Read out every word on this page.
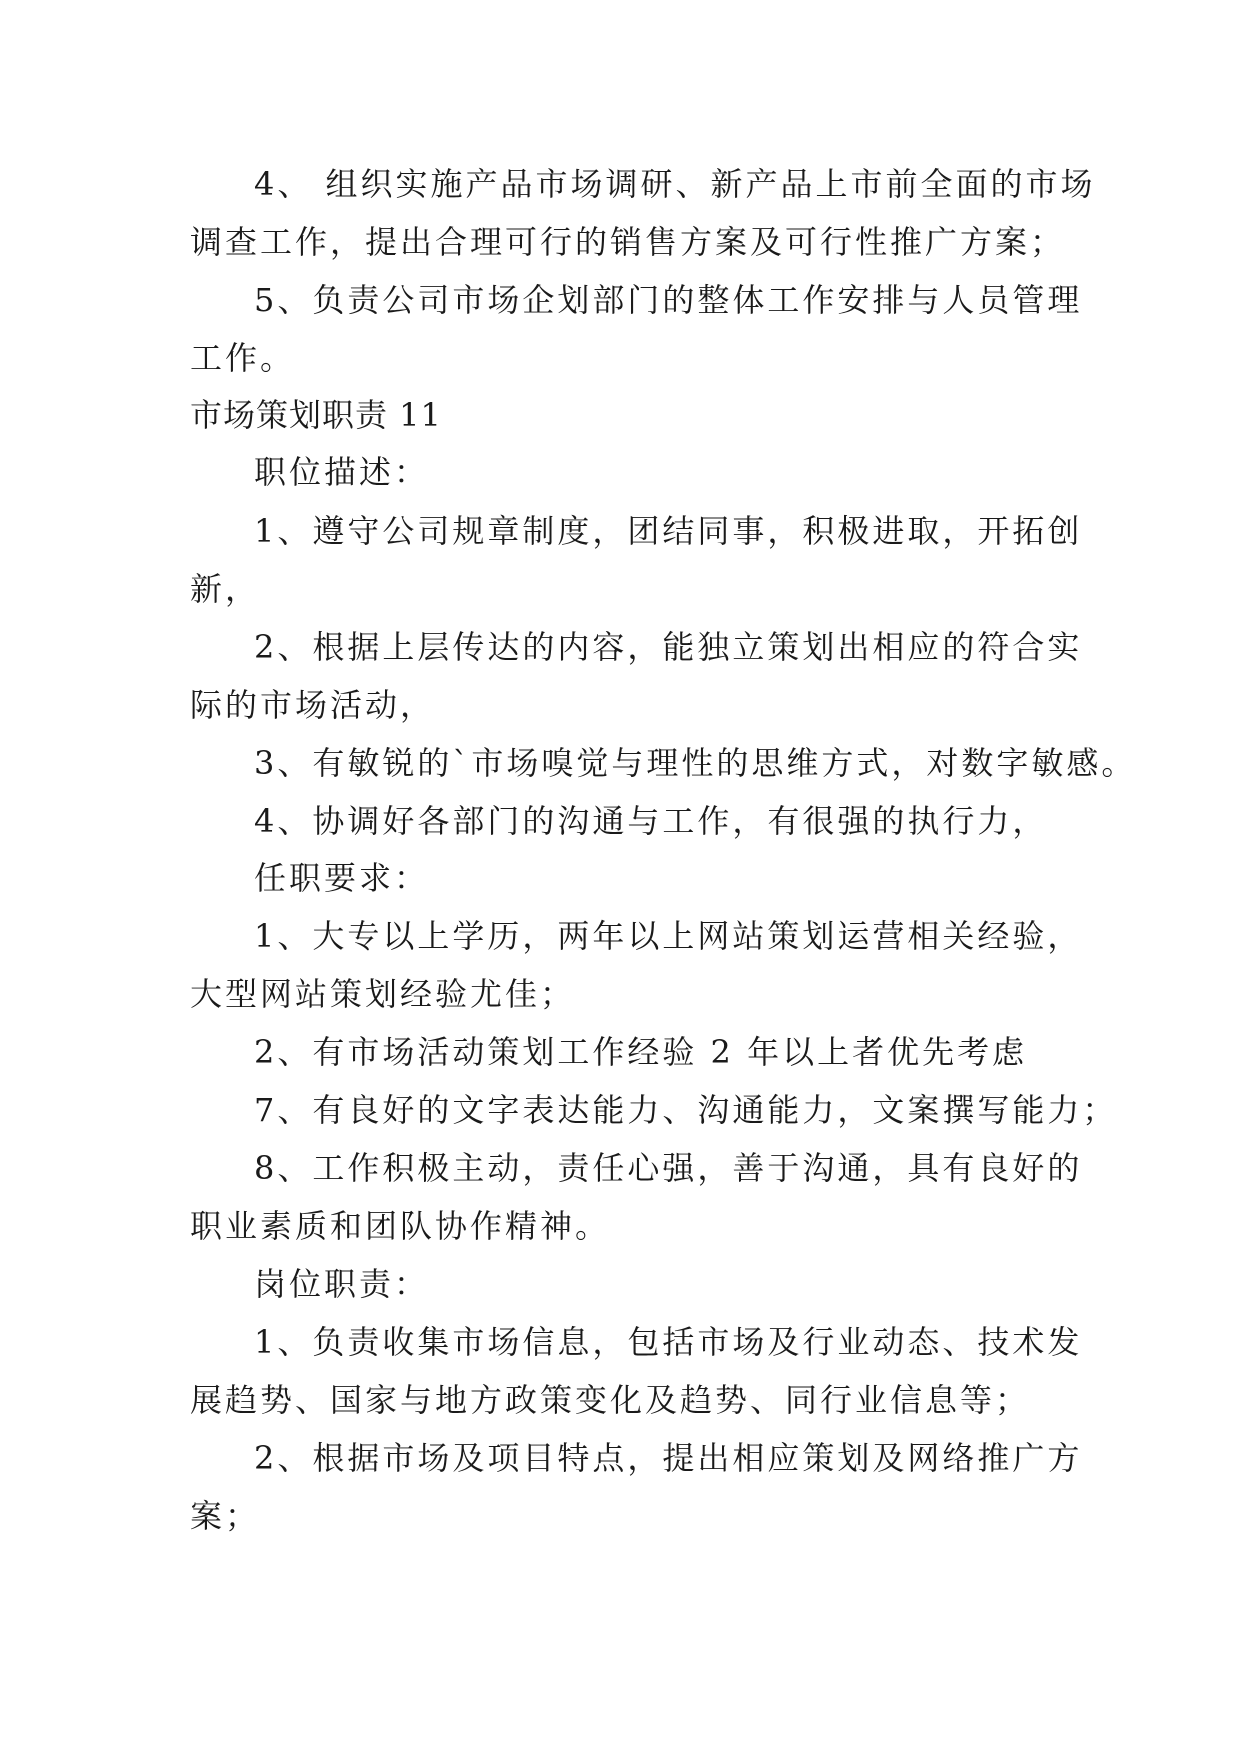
4、 组织实施产品市场调研、新产品上市前全面的市场
调查工作，提出合理可行的销售方案及可行性推广方案；
5、负责公司市场企划部门的整体工作安排与人员管理
工作。
市场策划职责 11
职位描述：
1、遵守公司规章制度，团结同事，积极进取，开拓创
新，
2、根据上层传达的内容，能独立策划出相应的符合实
际的市场活动，
3、有敏锐的`市场嗅觉与理性的思维方式，对数字敏感。
4、协调好各部门的沟通与工作，有很强的执行力，
任职要求：
1、大专以上学历，两年以上网站策划运营相关经验，
大型网站策划经验尤佳；
2、有市场活动策划工作经验 2 年以上者优先考虑
7、有良好的文字表达能力、沟通能力，文案撰写能力；
8、工作积极主动，责任心强，善于沟通，具有良好的
职业素质和团队协作精神。
岗位职责：
1、负责收集市场信息，包括市场及行业动态、技术发
展趋势、国家与地方政策变化及趋势、同行业信息等；
2、根据市场及项目特点，提出相应策划及网络推广方
案；
